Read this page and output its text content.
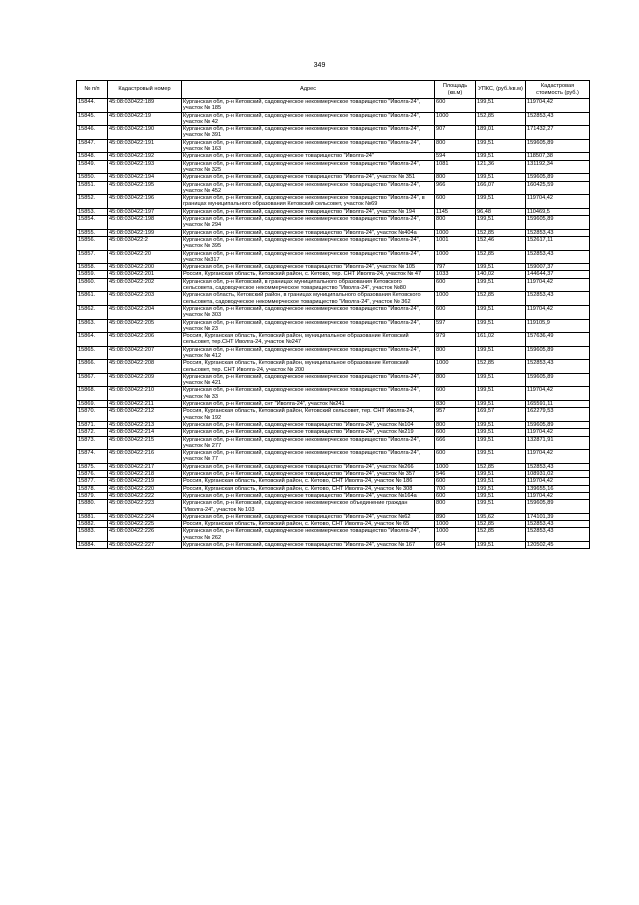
349
№ п/п	Кадастровый номер	Адрес	Площадь (кв.м)	УПКС, (руб./кв.м)	Кадастровая стоимость (руб.)
15844.	45:08:030422:189	Курганская обл, р-н Кетовский, садоводческое некоммерческое товарищество "Иволга-24", участок № 185	600	199,51	119704,42
15845.	45:08:030422:19	Курганская обл, р-н Кетовский, садоводческое некоммерческое товарищество "Иволга-24", участок № 42	1000	152,85	152853,43
15846.	45:08:030422:190	Курганская обл, р-н Кетовский, садоводческое некоммерческое товарищество "Иволга-24", участок № 391	907	189,01	171432,27
15847.	45:08:030422:191	Курганская обл, р-н Кетовский, садоводческое некоммерческое товарищество "Иволга-24", участок № 163	800	199,51	159605,89
15848.	45:08:030422:192	Курганская обл, р-н Кетовский, садоводческое товарищество "Иволга-24"	594	199,51	118507,38
15849.	45:08:030422:193	Курганская обл, р-н Кетовский, садоводческое некоммерческое товарищество "Иволга-24", участок № 325	1081	121,36	131192,34
15850.	45:08:030422:194	Курганская обл, р-н Кетовский, садоводческое товарищество "Иволга-24", участок № 351	800	199,51	159605,89
15851.	45:08:030422:195	Курганская обл, р-н Кетовский, садоводческое некоммерческое товарищество "Иволга-24", участок № 452	966	166,07	160425,59
15852.	45:08:030422:196	Курганская обл, р-н Кетовский, садоводческое некоммерческое товарищество "Иволга-24", в границах муниципального образования Кетовский сельсовет, участок №69	600	199,51	119704,42
15853.	45:08:030422:197	Курганская обл, р-н Кетовский, садоводческое товарищество "Иволга-24", участок № 194	1145	96,48	110469,5
15854.	45:08:030422:198	Курганская обл, р-н Кетовский, садоводческое некоммерческое товарищество "Иволга-24", участок № 294	800	199,51	159605,89
15855.	45:08:030422:199	Курганская обл, р-н Кетовский, садоводческое товарищество "Иволга-24", участок №404а	1000	152,85	152853,43
15856.	45:08:030422:2	Курганская обл, р-н Кетовский, садоводческое некоммерческое товарищество "Иволга-24", участок № 395	1001	152,46	152617,11
15857.	45:08:030422:20	Курганская обл, р-н Кетовский, садоводческое некоммерческое товарищество "Иволга-24", участок №317	1000	152,85	152853,43
15858.	45:08:030422:200	Курганская обл, р-н Кетовский, садоводческое товарищество "Иволга-24", участок № 105	797	199,51	159007,37
15859.	45:08:030422:201	Россия, Курганская область, Кетовский район, с. Кетово, тер. СНТ Иволга-24, участок № 47	1033	140,02	144644,37
15860.	45:08:030422:202	Курганская обл, р-н Кетовский, в границах муниципального образования Кетовского сельсовета, садоводческое некоммерческое товарищество "Иволга-24", участок №80	600	199,51	119704,42
15861.	45:08:030422:203	Курганская область, Кетовский район, в границах муниципального образования Кетовского сельсовета, садоводческое некоммерческое товарищество "Иволга-24", участок № 362	1000	152,85	152853,43
15862.	45:08:030422:204	Курганская обл, р-н Кетовский, садоводческое некоммерческое товарищество "Иволга-24", участок № 303	600	199,51	119704,42
15863.	45:08:030422:205	Курганская обл, р-н Кетовский, садоводческое некоммерческое товарищество "Иволга-24", участок № 23	597	199,51	119105,9
15864.	45:08:030422:206	Россия, Курганская область, Кетовский район, муниципальное образование Кетовский сельсовет, тер.СНТ Иволга-24, участок №247	979	161,02	157636,49
15865.	45:08:030422:207	Курганская обл, р-н Кетовский, садоводческое некоммерческое товарищество "Иволга-24", участок № 412	800	199,51	159605,89
15866.	45:08:030422:208	Россия, Курганская область, Кетовский район, муниципальное образование Кетовский сельсовет, тер. СНТ Иволга-24, участок № 200	1000	152,85	152853,43
15867.	45:08:030422:209	Курганская обл, р-н Кетовский, садоводческое некоммерческое товарищество "Иволга-24", участок № 421	800	199,51	159605,89
15868.	45:08:030422:210	Курганская обл, р-н Кетовский, садоводческое некоммерческое товарищество "Иволга-24", участок № 33	600	199,51	119704,42
15869.	45:08:030422:211	Курганская обл, р-н Кетовский, снт "Иволга-24", участок №241	830	199,51	165591,11
15870.	45:08:030422:212	Россия, Курганская область, Кетовский район, Кетовский сельсовет, тер. СНТ Иволга-24, участок № 192	957	169,57	162279,53
15871.	45:08:030422:213	Курганская обл, р-н Кетовский, садоводческое товарищество "Иволга-24", участок №104	800	199,51	159605,89
15872.	45:08:030422:214	Курганская обл, р-н Кетовский, садоводческое товарищество "Иволга-24", участок №219	600	199,51	119704,42
15873.	45:08:030422:215	Курганская обл, р-н Кетовский, садоводческое некоммерческое товарищество "Иволга-24", участок № 277	666	199,51	132871,91
15874.	45:08:030422:216	Курганская обл, р-н Кетовский, садоводческое некоммерческое товарищество "Иволга-24", участок № 77	600	199,51	119704,42
15875.	45:08:030422:217	Курганская обл, р-н Кетовский, садоводческое товарищество "Иволга-24", участок №266	1000	152,85	152853,43
15876.	45:08:030422:218	Курганская обл, р-н Кетовский, садоводческое товарищество "Иволга-24", участок № 357	546	199,51	108931,02
15877.	45:08:030422:219	Россия, Курганская область, Кетовский район, с. Кетово, СНТ Иволга-24, участок № 186	600	199,51	119704,42
15878.	45:08:030422:220	Россия, Курганская область, Кетовский район, с. Кетово, СНТ Иволга-24, участок № 308	700	199,51	139655,16
15879.	45:08:030422:222	Курганская обл, р-н Кетовский, садоводческое товарищество "Иволга-24", участок №164а	600	199,51	119704,42
15880.	45:08:030422:223	Курганская обл, р-н Кетовский, садоводческое некоммерческое объединение граждан "Иволга-24", участок № 103	800	199,51	159605,89
15881.	45:08:030422:224	Курганская обл, р-н Кетовский, садоводческое товарищество "Иволга-24", участок №62	890	195,62	174101,39
15882.	45:08:030422:225	Россия, Курганская область, Кетовский район, с. Кетово, СНТ Иволга-24, участок № 65	1000	152,85	152853,43
15883.	45:08:030422:226	Курганская обл, р-н Кетовский, садоводческое некоммерческое товарищество "Иволга-24", участок № 262	1000	152,85	152853,43
15884.	45:08:030422:227	Курганская обл, р-н Кетовский, садоводческое товарищество "Иволга-24", участок № 167	604	199,51	120502,45
